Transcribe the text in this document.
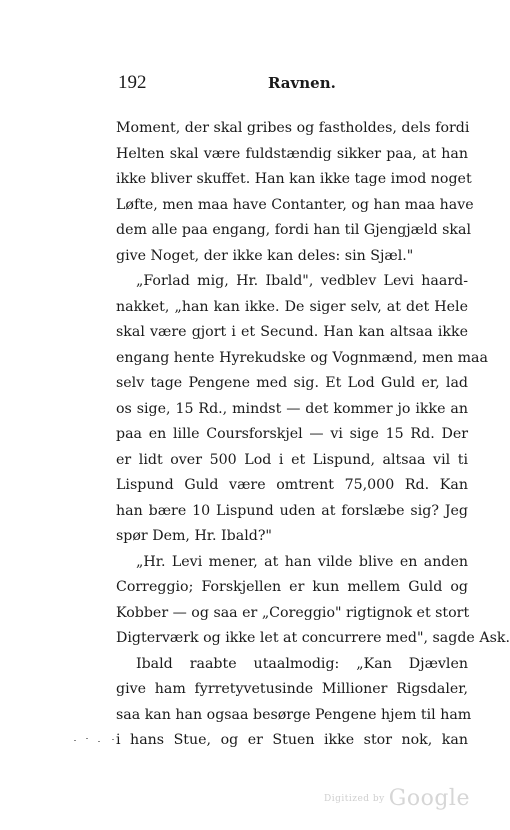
192	Ravnen.
Moment, der skal gribes og fastholdes, dels fordi
Helten skal være fuldstændig sikker paa, at han
ikke bliver skuffet. Han kan ikke tage imod noget
Løfte, men maa have Contanter, og han maa have
dem alle paa engang, fordi han til Gjengjæld skal
give Noget, der ikke kan deles: sin Sjæl."
„Forlad mig, Hr. Ibald", vedblev Levi haard-
nakket, „han kan ikke. De siger selv, at det Hele
skal være gjort i et Secund. Han kan altsaa ikke
engang hente Hyrekudske og Vognmænd, men maa
selv tage Pengene med sig. Et Lod Guld er, lad
os sige, 15 Rd., mindst — det kommer jo ikke an
paa en lille Coursforskjel — vi sige 15 Rd. Der
er lidt over 500 Lod i et Lispund, altsaa vil ti
Lispund Guld være omtrent 75,000 Rd. Kan
han bære 10 Lispund uden at forslæbe sig? Jeg
spør Dem, Hr. Ibald?"
„Hr. Levi mener, at han vilde blive en anden
Correggio; Forskjellen er kun mellem Guld og
Kobber — og saa er „Coreggio" rigtignok et stort
Digterværk og ikke let at concurrere med", sagde Ask.
Ibald raabte utaalmodig: „Kan Djævlen
give ham fyrretyvetusinde Millioner Rigsdaler,
saa kan han ogsaa besørge Pengene hjem til ham
i hans Stue, og er Stuen ikke stor nok, kan
Digitized by Google
